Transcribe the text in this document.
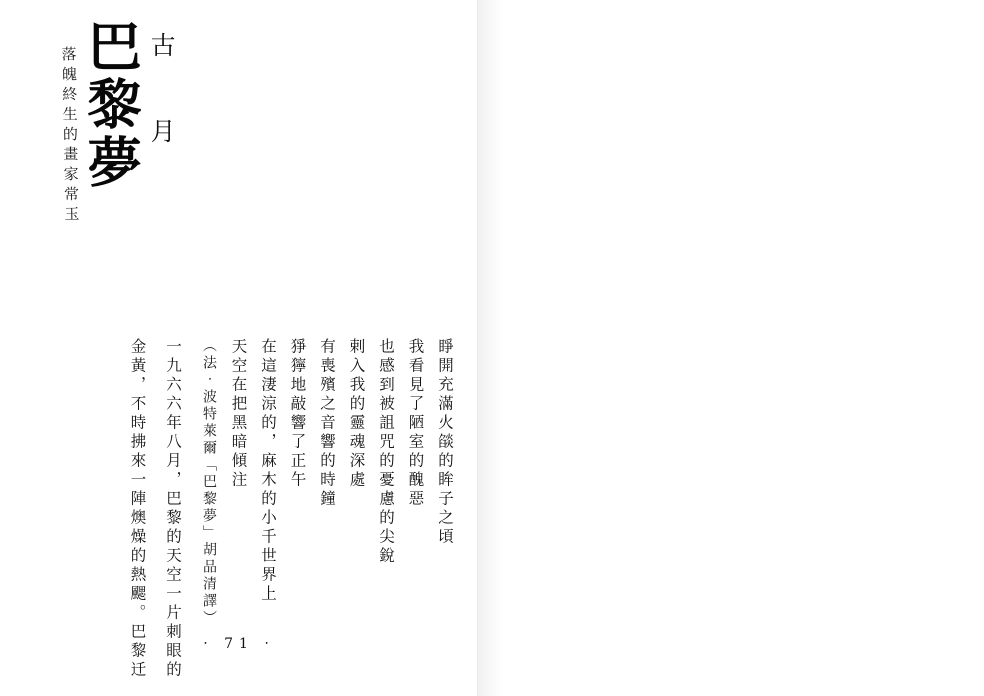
古 月
巴黎夢
落魄終生的畫家常玉
睜開充滿火燄的眸子之頃
我看見了陋室的醜惡
也感到被詛咒的憂慮的尖銳
剌入我的靈魂深處
有喪殯之音響的時鐘
猙獰地敲響了正午
在這淒涼的，麻木的小千世界上
天空在把黑暗傾注
（法‧波特萊爾「巴黎夢」胡品清譯）
一九六六年八月，巴黎的天空一片刺眼的
金黃，不時拂來一陣燠燥的熱颸。巴黎迁	‧ 71 ‧
